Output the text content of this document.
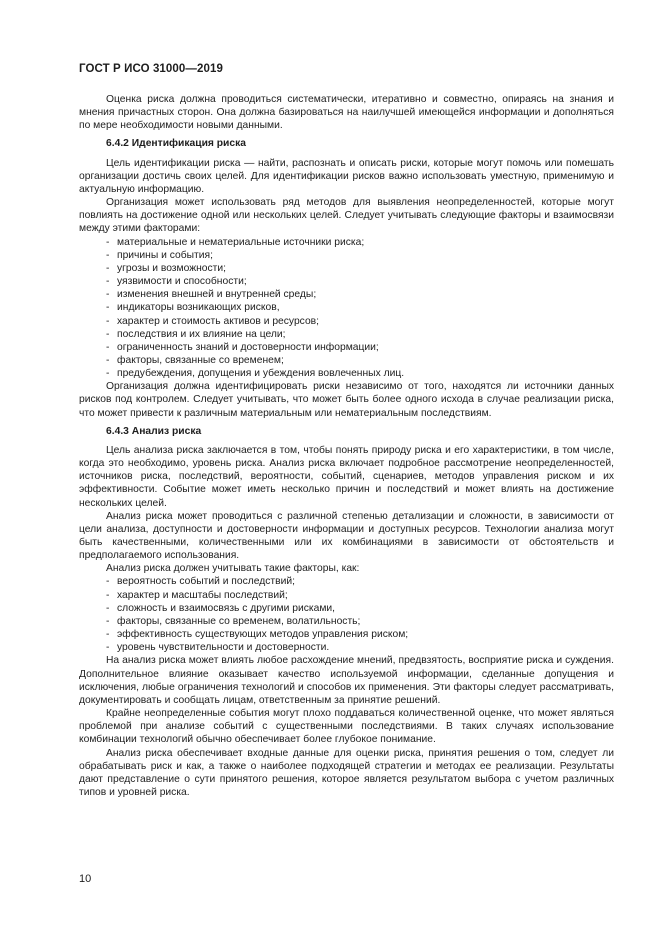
ГОСТ Р ИСО 31000—2019

Оценка риска должна проводиться систематически, итеративно и совместно, опираясь на знания и мнения причастных сторон. Она должна базироваться на наилучшей имеющейся информации и дополняться по мере необходимости новыми данными.

6.4.2 Идентификация риска

Цель идентификации риска — найти, распознать и описать риски, которые могут помочь или помешать организации достичь своих целей. Для идентификации рисков важно использовать уместную, применимую и актуальную информацию.

Организация может использовать ряд методов для выявления неопределенностей, которые могут повлиять на достижение одной или нескольких целей. Следует учитывать следующие факторы и взаимосвязи между этими факторами:

- материальные и нематериальные источники риска;
- причины и события;
- угрозы и возможности;
- уязвимости и способности;
- изменения внешней и внутренней среды;
- индикаторы возникающих рисков,
- характер и стоимость активов и ресурсов;
- последствия и их влияние на цели;
- ограниченность знаний и достоверности информации;
- факторы, связанные со временем;
- предубеждения, допущения и убеждения вовлеченных лиц.

Организация должна идентифицировать риски независимо от того, находятся ли источники данных рисков под контролем. Следует учитывать, что может быть более одного исхода в случае реализации риска, что может привести к различным материальным или нематериальным последствиям.

6.4.3 Анализ риска

Цель анализа риска заключается в том, чтобы понять природу риска и его характеристики, в том числе, когда это необходимо, уровень риска. Анализ риска включает подробное рассмотрение неопределенностей, источников риска, последствий, вероятности, событий, сценариев, методов управления риском и их эффективности. Событие может иметь несколько причин и последствий и может влиять на достижение нескольких целей.

Анализ риска может проводиться с различной степенью детализации и сложности, в зависимости от цели анализа, доступности и достоверности информации и доступных ресурсов. Технологии анализа могут быть качественными, количественными или их комбинациями в зависимости от обстоятельств и предполагаемого использования.

Анализ риска должен учитывать такие факторы, как:

- вероятность событий и последствий;
- характер и масштабы последствий;
- сложность и взаимосвязь с другими рисками,
- факторы, связанные со временем, волатильность;
- эффективность существующих методов управления риском;
- уровень чувствительности и достоверности.

На анализ риска может влиять любое расхождение мнений, предвзятость, восприятие риска и суждения. Дополнительное влияние оказывает качество используемой информации, сделанные допущения и исключения, любые ограничения технологий и способов их применения. Эти факторы следует рассматривать, документировать и сообщать лицам, ответственным за принятие решений.

Крайне неопределенные события могут плохо поддаваться количественной оценке, что может являться проблемой при анализе событий с существенными последствиями. В таких случаях использование комбинации технологий обычно обеспечивает более глубокое понимание.

Анализ риска обеспечивает входные данные для оценки риска, принятия решения о том, следует ли обрабатывать риск и как, а также о наиболее подходящей стратегии и методах ее реализации. Результаты дают представление о сути принятого решения, которое является результатом выбора с учетом различных типов и уровней риска.

10
